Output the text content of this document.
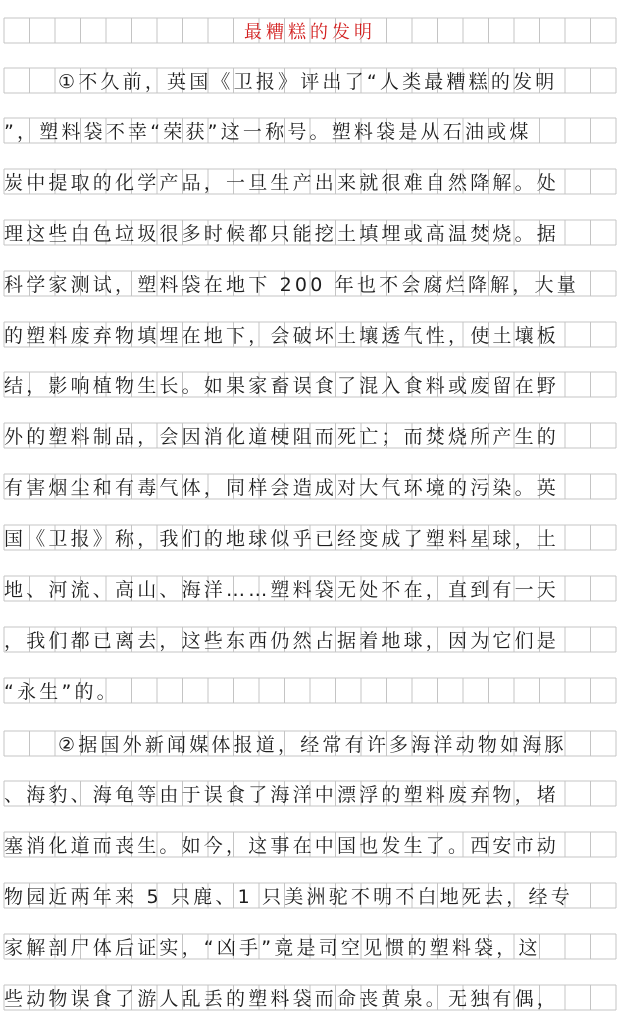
最糟糕的发明
①不久前，英国《卫报》评出了“人类最糟糕的发明
”，塑料袋不幸“荣获”这一称号。塑料袋是从石油或煤
炭中提取的化学产品，一旦生产出来就很难自然降解。处
理这些白色垃圾很多时候都只能挖土填埋或高温焚烧。据
科学家测试，塑料袋在地下 200 年也不会腐烂降解，大量
的塑料废弃物填埋在地下，会破坏土壤透气性，使土壤板
结，影响植物生长。如果家畜误食了混入食料或废留在野
外的塑料制品，会因消化道梗阻而死亡；而焚烧所产生的
有害烟尘和有毒气体，同样会造成对大气环境的污染。英
国《卫报》称，我们的地球似乎已经变成了塑料星球，土
地、河流、高山、海洋……塑料袋无处不在，直到有一天
，我们都已离去，这些东西仍然占据着地球，因为它们是
“永生”的。
②据国外新闻媒体报道，经常有许多海洋动物如海豚
、海豹、海龟等由于误食了海洋中漂浮的塑料废弃物，堵
塞消化道而丧生。如今，这事在中国也发生了。西安市动
物园近两年来 5 只鹿、1 只美洲驼不明不白地死去，经专
家解剖尸体后证实，“凶手”竟是司空见惯的塑料袋，这
些动物误食了游人乱丢的塑料袋而命丧黄泉。无独有偶，
